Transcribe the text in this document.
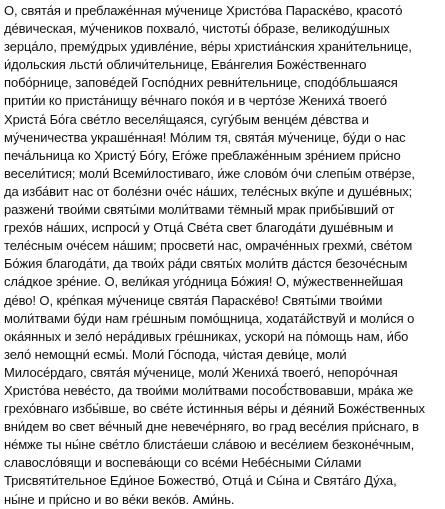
О, свята́я и преблаже́нная му́ченице Христо́ва Параске́во, красото́
де́вическая, му́чеников похвало́, чистоты́ о́бразе, великоду́шных
зерца́ло, премýдрых удивле́ние, ве́ры христиа́нския храни́тельнице,
и́дольския льсти́ обличи́тельнице, Ева́нгелия Боже́ственнаго
побо́рнице, запове́дей Госпо́дних ревни́тельнице, сподо́бльшаяся
прити́и ко приста́нищу ве́чнаго поко́я и в черто́зе Жениха́ твоего́
Христа́ Бо́га све́тло веселя́щаяся, сугу́бым венце́м де́вства и
му́ченичества украше́нная! Мо́лим тя, свята́я му́ченице, бу́ди о нас
печа́льница ко Христу́ Бо́гу, Его́же преблаже́нным зре́нием при́сно
весели́тися; моли́ Всеми́лостиваго, и́же слово́м о́чи слепы́м отве́рзе,
да изба́вит нас от боле́зни оче́с на́ших, теле́сных вку́пе и душе́вных;
разжени́ твои́ми святы́ми моли́твами тёмный мрак прибы́вший от
грехо́в на́ших, испроси́ у Отца́ Све́та свет благода́ти душе́вным и
теле́сным оче́сем на́шим; просвети́ нас, омраче́нных грехми́, све́том
Бо́жия благода́ти, да твои́х ра́ди святы́х моли́тв да́стся безоче́сным
сла́дкое зре́ние. О, вели́кая уго́дница Бо́жия! О, му́жественнейшая
де́во! О, кре́пкая му́ченице свята́я Параске́во! Святы́ми твои́ми
моли́твами бу́ди нам гре́шным помо́щница, ходата́йствуй и моли́ся о
ока́янных и зело́ нера́дивых гре́шниках, ускори́ на по́мощь нам, и́бо
зело́ немощни́ есмы́. Моли́ Го́спода, чи́стая деви́це, моли́
Милосе́рдаго, свята́я му́ченице, моли́ Жениха́ твоего́, непоро́чная
Христо́ва неве́сто, да твои́ми моли́твами пособ́ствовавши, мра́ка же
грехо́внаго избы́вше, во све́те и́стинныя ве́ры и де́яний Боже́ственных
вни́дем во свет ве́чный дне невече́рняго, во град весе́лия при́снаго, в
не́мже ты ны́не све́тло блиста́еши сла́вою и весе́лием безконе́чным,
славосло́вящи и воспева́ющи со все́ми Небе́сными Си́лами
Трисвяти́тельное Еди́ное Божество́, Отца́ и Сы́на и Свята́го Ду́ха,
ны́не и при́сно и во ве́ки веко́в. Ами́нь.
